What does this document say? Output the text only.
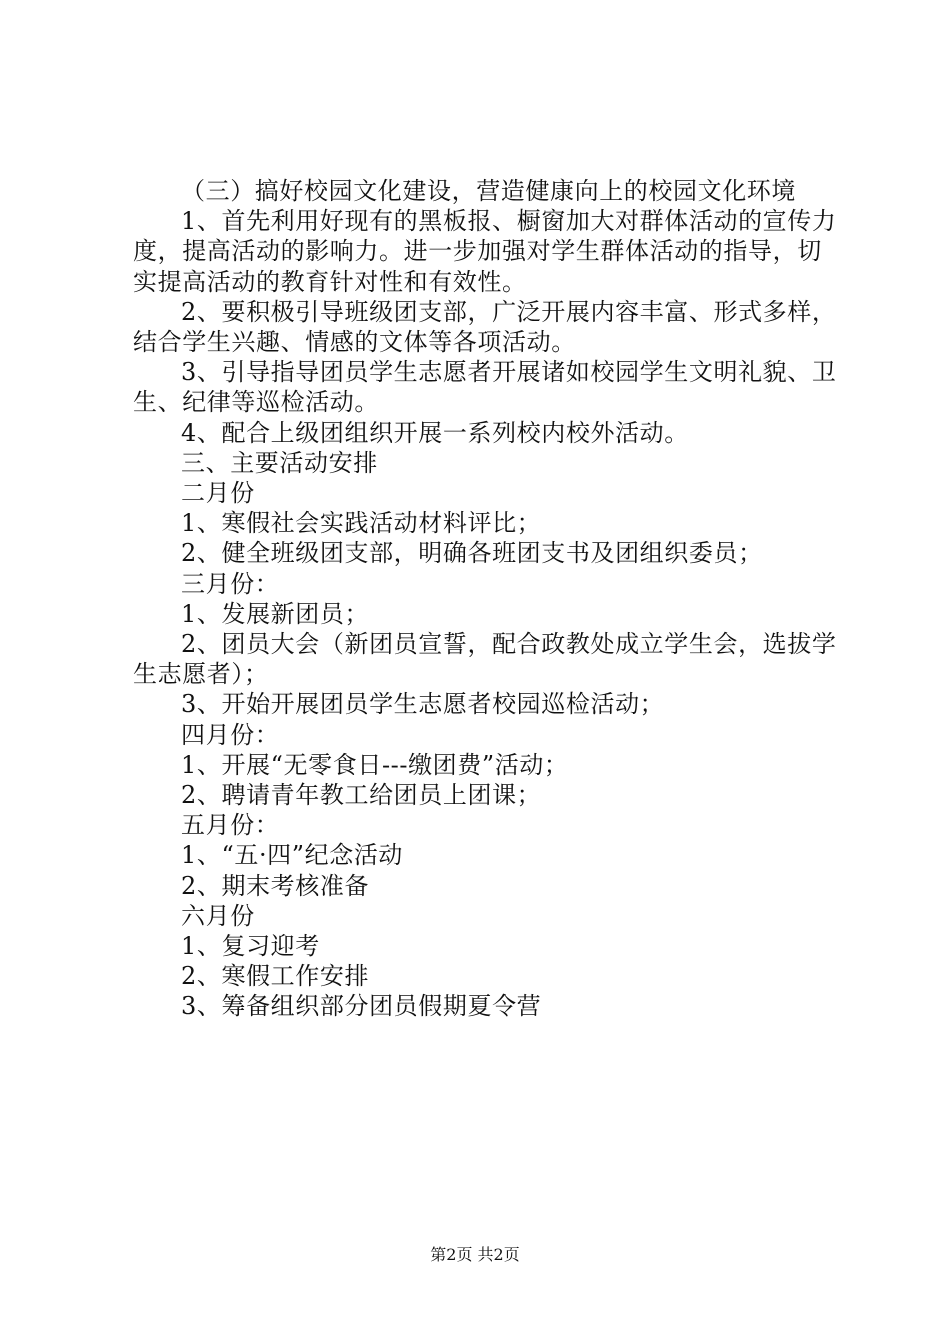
（三）搞好校园文化建设，营造健康向上的校园文化环境

1、首先利用好现有的黑板报、橱窗加大对群体活动的宣传力度，提高活动的影响力。进一步加强对学生群体活动的指导，切实提高活动的教育针对性和有效性。

2、要积极引导班级团支部，广泛开展内容丰富、形式多样，结合学生兴趣、情感的文体等各项活动。

3、引导指导团员学生志愿者开展诸如校园学生文明礼貌、卫生、纪律等巡检活动。

4、配合上级团组织开展一系列校内校外活动。

三、主要活动安排

二月份

1、寒假社会实践活动材料评比；

2、健全班级团支部，明确各班团支书及团组织委员；

三月份：

1、发展新团员；

2、团员大会（新团员宣誓，配合政教处成立学生会，选拔学生志愿者）；

3、开始开展团员学生志愿者校园巡检活动；

四月份：

1、开展“无零食日---缴团费”活动；

2、聘请青年教工给团员上团课；

五月份：

1、“五·四”纪念活动

2、期末考核准备

六月份

1、复习迎考

2、寒假工作安排

3、筹备组织部分团员假期夏令营

第2页 共2页
